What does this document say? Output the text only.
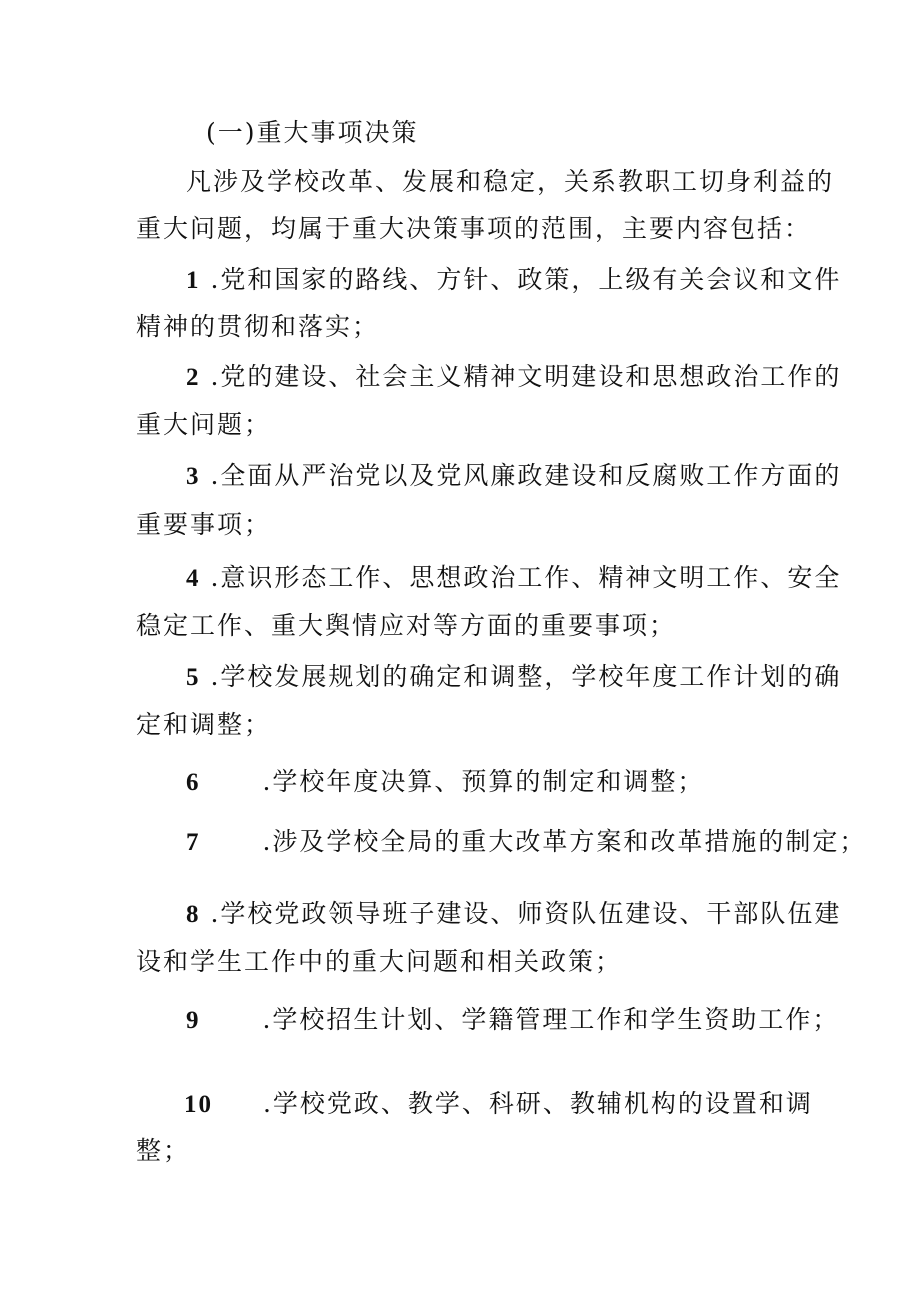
(一)重大事项决策
凡涉及学校改革、发展和稳定，关系教职工切身利益的
重大问题，均属于重大决策事项的范围，主要内容包括：
1 .党和国家的路线、方针、政策，上级有关会议和文件
精神的贯彻和落实；
2 .党的建设、社会主义精神文明建设和思想政治工作的
重大问题；
3 .全面从严治党以及党风廉政建设和反腐败工作方面的
重要事项；
4 .意识形态工作、思想政治工作、精神文明工作、安全
稳定工作、重大舆情应对等方面的重要事项；
5 .学校发展规划的确定和调整，学校年度工作计划的确
定和调整；
6 .学校年度决算、预算的制定和调整；
7 .涉及学校全局的重大改革方案和改革措施的制定；
8 .学校党政领导班子建设、师资队伍建设、干部队伍建
设和学生工作中的重大问题和相关政策；
9 .学校招生计划、学籍管理工作和学生资助工作；
10 .学校党政、教学、科研、教辅机构的设置和调
整；
